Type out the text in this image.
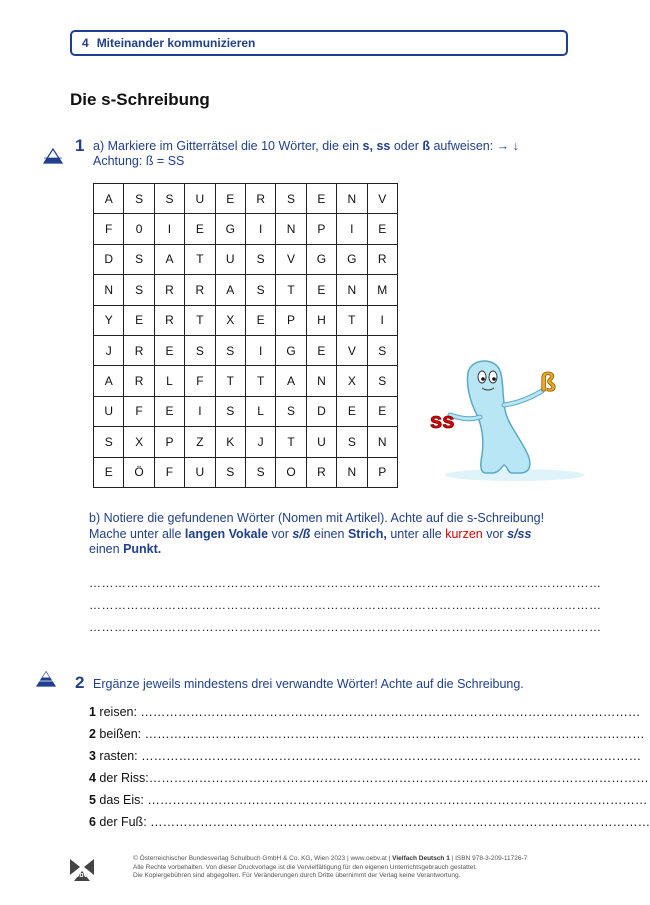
4 Miteinander kommunizieren
Die s-Schreibung
1 a) Markiere im Gitterrätsel die 10 Wörter, die ein s, ss oder ß aufweisen: → ↓
Achtung: ß = SS
A	S	S	U	E	R	S	E	N	V
F	0	I	E	G	I	N	P	I	E
D	S	A	T	U	S	V	G	G	R
N	S	R	R	A	S	T	E	N	M
Y	E	R	T	X	E	P	H	T	I
J	R	E	S	S	I	G	E	V	S
A	R	L	F	T	T	A	N	X	S
U	F	E	I	S	L	S	D	E	E
S	X	P	Z	K	J	T	U	S	N
E	Ö	F	U	S	S	O	R	N	P
ss
ß
b) Notiere die gefundenen Wörter (Nomen mit Artikel). Achte auf die s-Schreibung!
Mache unter alle langen Vokale vor s/ß einen Strich, unter alle kurzen vor s/ss
einen Punkt.
……………………………………………………………………………………………………………
……………………………………………………………………………………………………………
……………………………………………………………………………………………………………
2 Ergänze jeweils mindestens drei verwandte Wörter! Achte auf die Schreibung.
1 reisen: …………………………………………………………………………………………………………
2 beißen: …………………………………………………………………………………………………………
3 rasten: …………………………………………………………………………………………………………
4 der Riss:…………………………………………………………………………………………………………
5 das Eis: …………………………………………………………………………………………………………
6 der Fuß: …………………………………………………………………………………………………………
öbv
© Österreichischer Bundesverlag Schulbuch GmbH & Co. KG, Wien 2023 | www.oebv.at | Vielfach Deutsch 1 | ISBN 978-3-209-11726-7
Alle Rechte vorbehalten. Von dieser Druckvorlage ist die Vervielfältigung für den eigenen Unterrichtsgebrauch gestattet.
Die Kopiergebühren sind abgegolten. Für Veränderungen durch Dritte übernimmt der Verlag keine Verantwortung.
